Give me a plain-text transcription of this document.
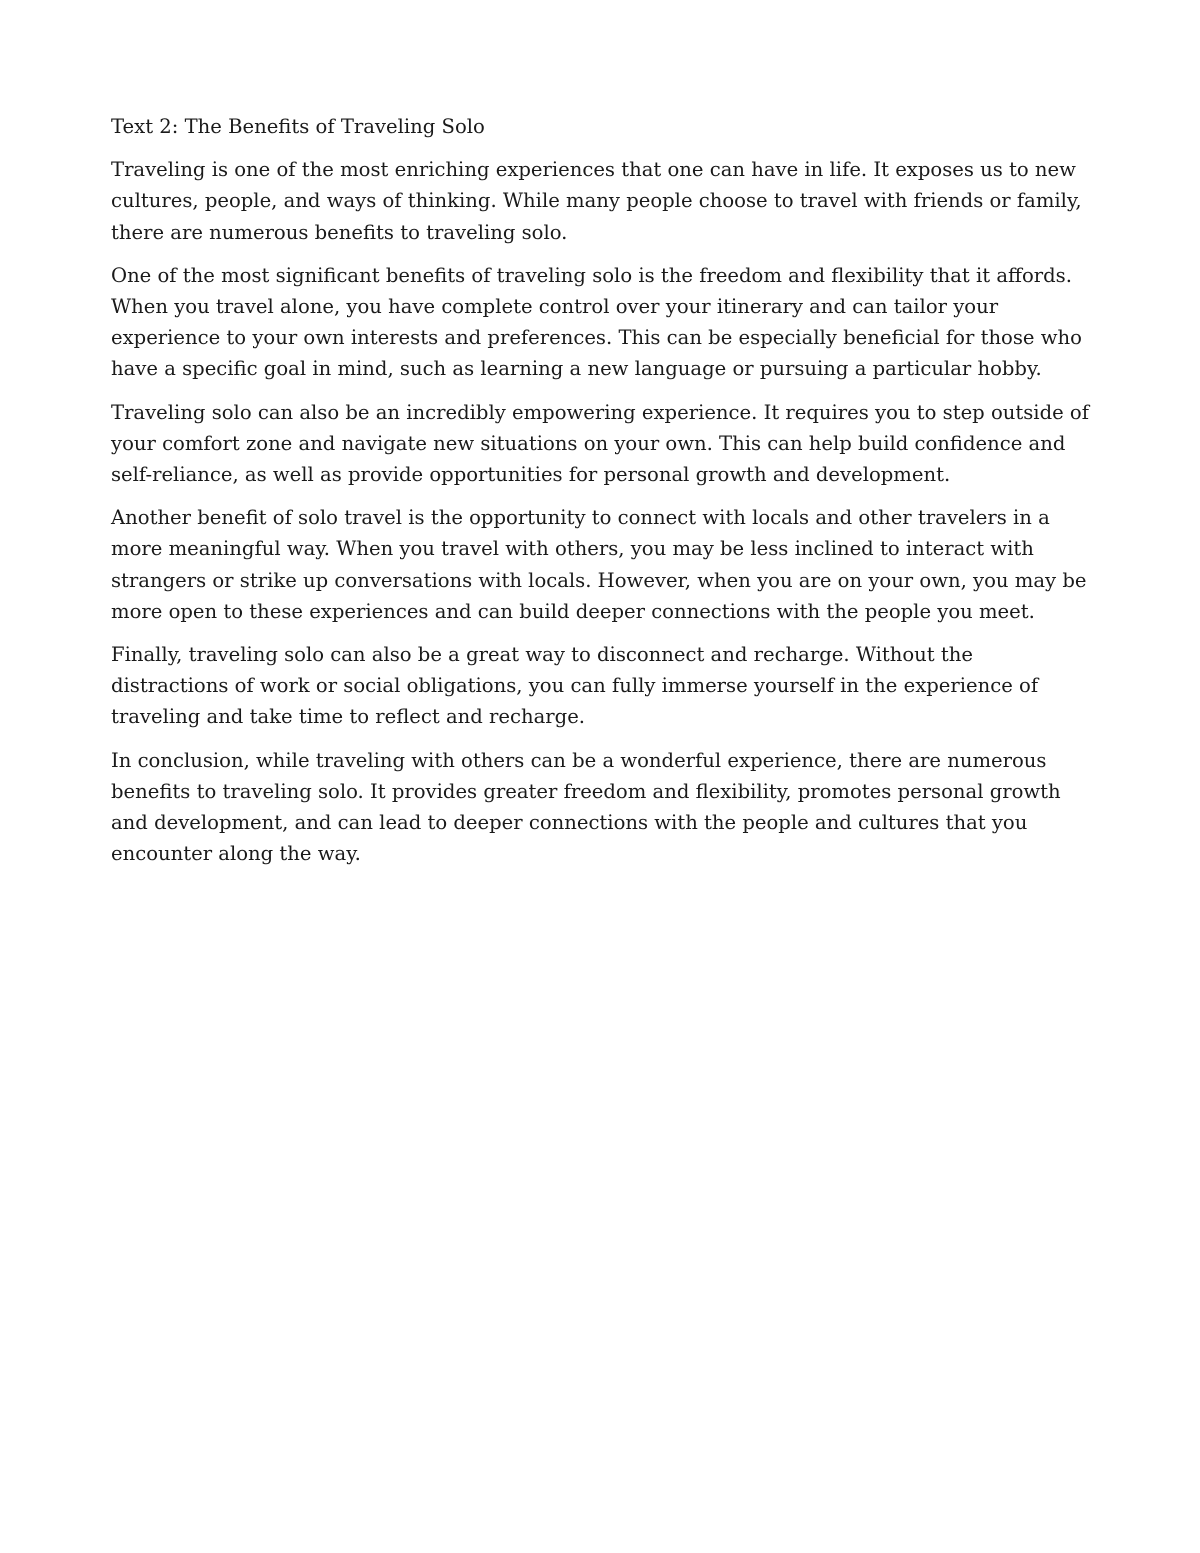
Text 2: The Benefits of Traveling Solo

Traveling is one of the most enriching experiences that one can have in life. It exposes us to new cultures, people, and ways of thinking. While many people choose to travel with friends or family, there are numerous benefits to traveling solo.

One of the most significant benefits of traveling solo is the freedom and flexibility that it affords. When you travel alone, you have complete control over your itinerary and can tailor your experience to your own interests and preferences. This can be especially beneficial for those who have a specific goal in mind, such as learning a new language or pursuing a particular hobby.

Traveling solo can also be an incredibly empowering experience. It requires you to step outside of your comfort zone and navigate new situations on your own. This can help build confidence and self-reliance, as well as provide opportunities for personal growth and development.

Another benefit of solo travel is the opportunity to connect with locals and other travelers in a more meaningful way. When you travel with others, you may be less inclined to interact with strangers or strike up conversations with locals. However, when you are on your own, you may be more open to these experiences and can build deeper connections with the people you meet.

Finally, traveling solo can also be a great way to disconnect and recharge. Without the distractions of work or social obligations, you can fully immerse yourself in the experience of traveling and take time to reflect and recharge.

In conclusion, while traveling with others can be a wonderful experience, there are numerous benefits to traveling solo. It provides greater freedom and flexibility, promotes personal growth and development, and can lead to deeper connections with the people and cultures that you encounter along the way.
